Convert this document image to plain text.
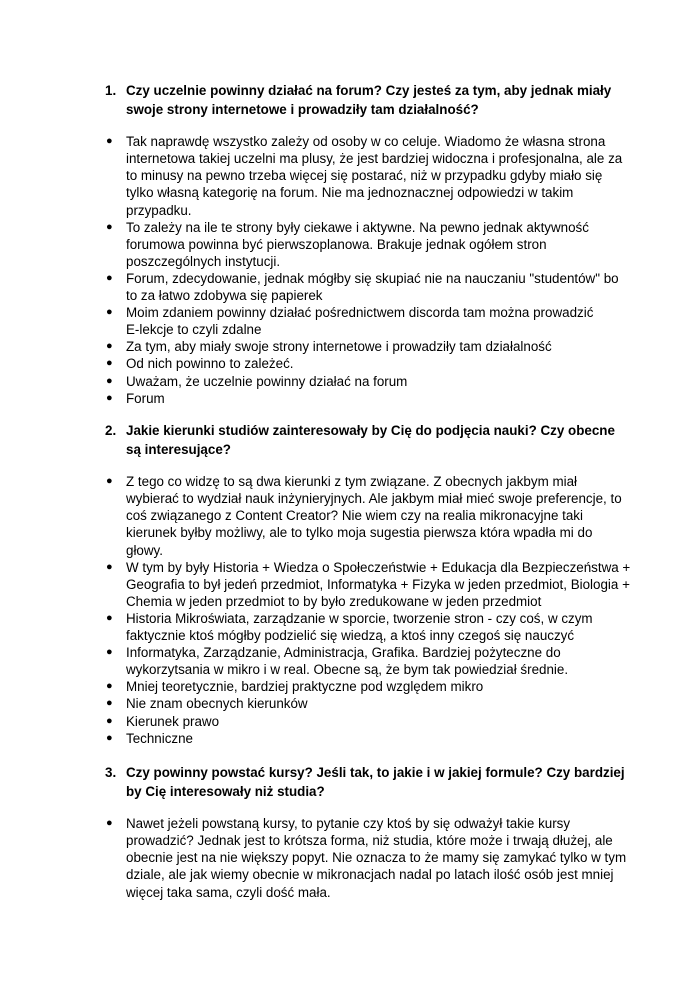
1. Czy uczelnie powinny działać na forum? Czy jesteś za tym, aby jednak miały
swoje strony internetowe i prowadziły tam działalność?
● Tak naprawdę wszystko zależy od osoby w co celuje. Wiadomo że własna strona
internetowa takiej uczelni ma plusy, że jest bardziej widoczna i profesjonalna, ale za
to minusy na pewno trzeba więcej się postarać, niż w przypadku gdyby miało się
tylko własną kategorię na forum. Nie ma jednoznacznej odpowiedzi w takim
przypadku.
● To zależy na ile te strony były ciekawe i aktywne. Na pewno jednak aktywność
forumowa powinna być pierwszoplanowa. Brakuje jednak ogółem stron
poszczególnych instytucji.
● Forum, zdecydowanie, jednak mógłby się skupiać nie na nauczaniu "studentów" bo
to za łatwo zdobywa się papierek
● Moim zdaniem powinny działać pośrednictwem discorda tam można prowadzić
E-lekcje to czyli zdalne
● Za tym, aby miały swoje strony internetowe i prowadziły tam działalność
● Od nich powinno to zależeć.
● Uważam, że uczelnie powinny działać na forum
● Forum
2. Jakie kierunki studiów zainteresowały by Cię do podjęcia nauki? Czy obecne
są interesujące?
● Z tego co widzę to są dwa kierunki z tym związane. Z obecnych jakbym miał
wybierać to wydział nauk inżynieryjnych. Ale jakbym miał mieć swoje preferencje, to
coś związanego z Content Creator? Nie wiem czy na realia mikronacyjne taki
kierunek byłby możliwy, ale to tylko moja sugestia pierwsza która wpadła mi do
głowy.
● W tym by były Historia + Wiedza o Społeczeństwie + Edukacja dla Bezpieczeństwa +
Geografia to był jedeń przedmiot, Informatyka + Fizyka w jeden przedmiot, Biologia +
Chemia w jeden przedmiot to by było zredukowane w jeden przedmiot
● Historia Mikroświata, zarządzanie w sporcie, tworzenie stron - czy coś, w czym
faktycznie ktoś mógłby podzielić się wiedzą, a ktoś inny czegoś się nauczyć
● Informatyka, Zarządzanie, Administracja, Grafika. Bardziej pożyteczne do
wykorzytsania w mikro i w real. Obecne są, że bym tak powiedział średnie.
● Mniej teoretycznie, bardziej praktyczne pod względem mikro
● Nie znam obecnych kierunków
● Kierunek prawo
● Techniczne
3. Czy powinny powstać kursy? Jeśli tak, to jakie i w jakiej formule? Czy bardziej
by Cię interesowały niż studia?
● Nawet jeżeli powstaną kursy, to pytanie czy ktoś by się odważył takie kursy
prowadzić? Jednak jest to krótsza forma, niż studia, które może i trwają dłużej, ale
obecnie jest na nie większy popyt. Nie oznacza to że mamy się zamykać tylko w tym
dziale, ale jak wiemy obecnie w mikronacjach nadal po latach ilość osób jest mniej
więcej taka sama, czyli dość mała.
